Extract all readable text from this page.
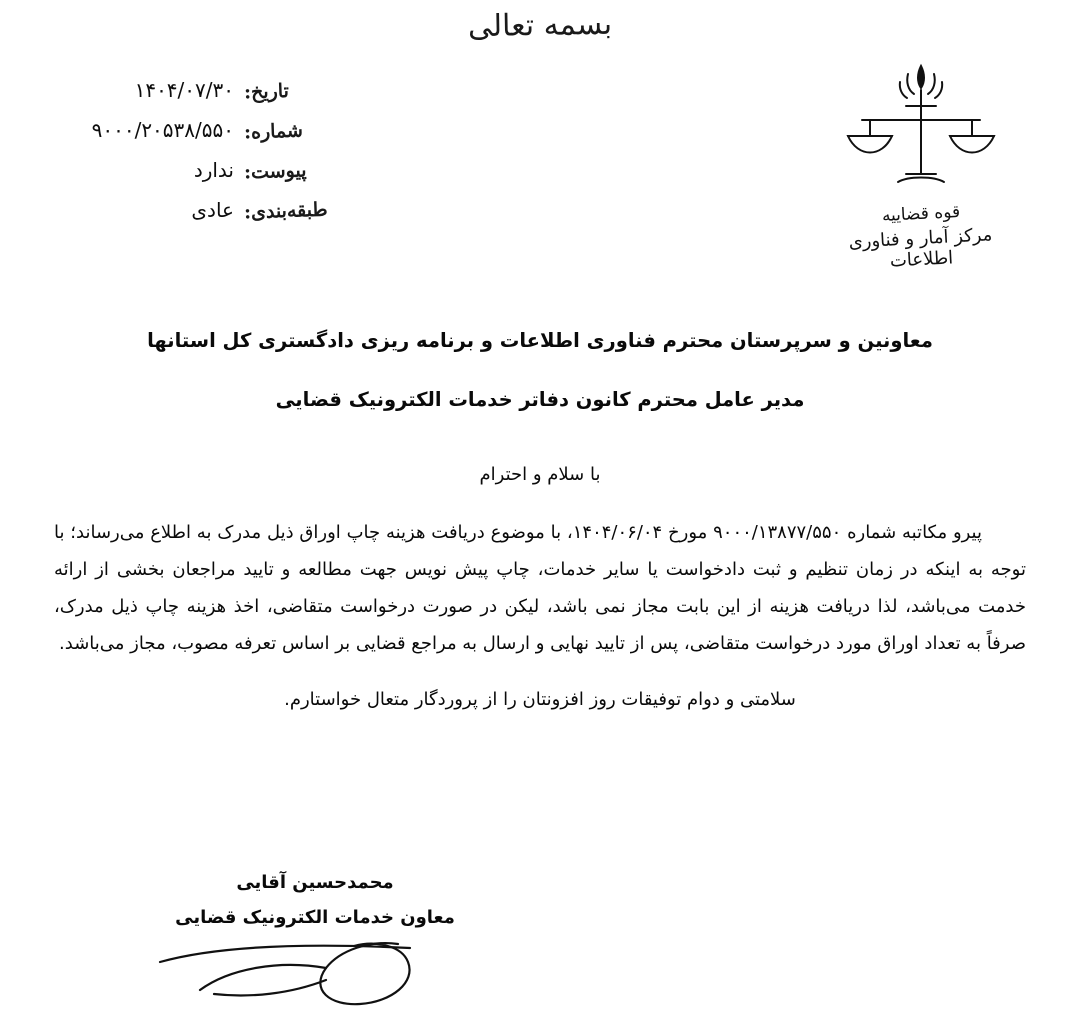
بسمه تعالی
تاریخ:
۱۴۰۴/۰۷/۳۰
شماره:
۹۰۰۰/۲۰۵۳۸/۵۵۰
پیوست:
ندارد
طبقه‌بندی:
عادی	قوه قضاییه
مرکز آمار و فناوری اطلاعات
معاونین و سرپرستان محترم فناوری اطلاعات و برنامه ریزی دادگستری کل استانها
مدیر عامل محترم کانون دفاتر خدمات الکترونیک قضایی
با سلام و احترام
پیرو مکاتبه شماره ۹۰۰۰/۱۳۸۷۷/۵۵۰ مورخ ۱۴۰۴/۰۶/۰۴، با موضوع دریافت هزینه چاپ اوراق ذیل مدرک به اطلاع می‌رساند؛ با توجه به اینکه در زمان تنظیم و ثبت دادخواست یا سایر خدمات، چاپ پیش نویس جهت مطالعه و تایید مراجعان بخشی از ارائه خدمت می‌باشد، لذا دریافت هزینه از این بابت مجاز نمی باشد، لیکن در صورت درخواست متقاضی، اخذ هزینه چاپ ذیل مدرک، صرفاً به تعداد اوراق مورد درخواست متقاضی، پس از تایید نهایی و ارسال به مراجع قضایی بر اساس تعرفه مصوب، مجاز می‌باشد.
سلامتی و دوام توفیقات روز افزونتان را از پروردگار متعال خواستارم.
محمدحسین آقایی
معاون خدمات الکترونیک قضایی
